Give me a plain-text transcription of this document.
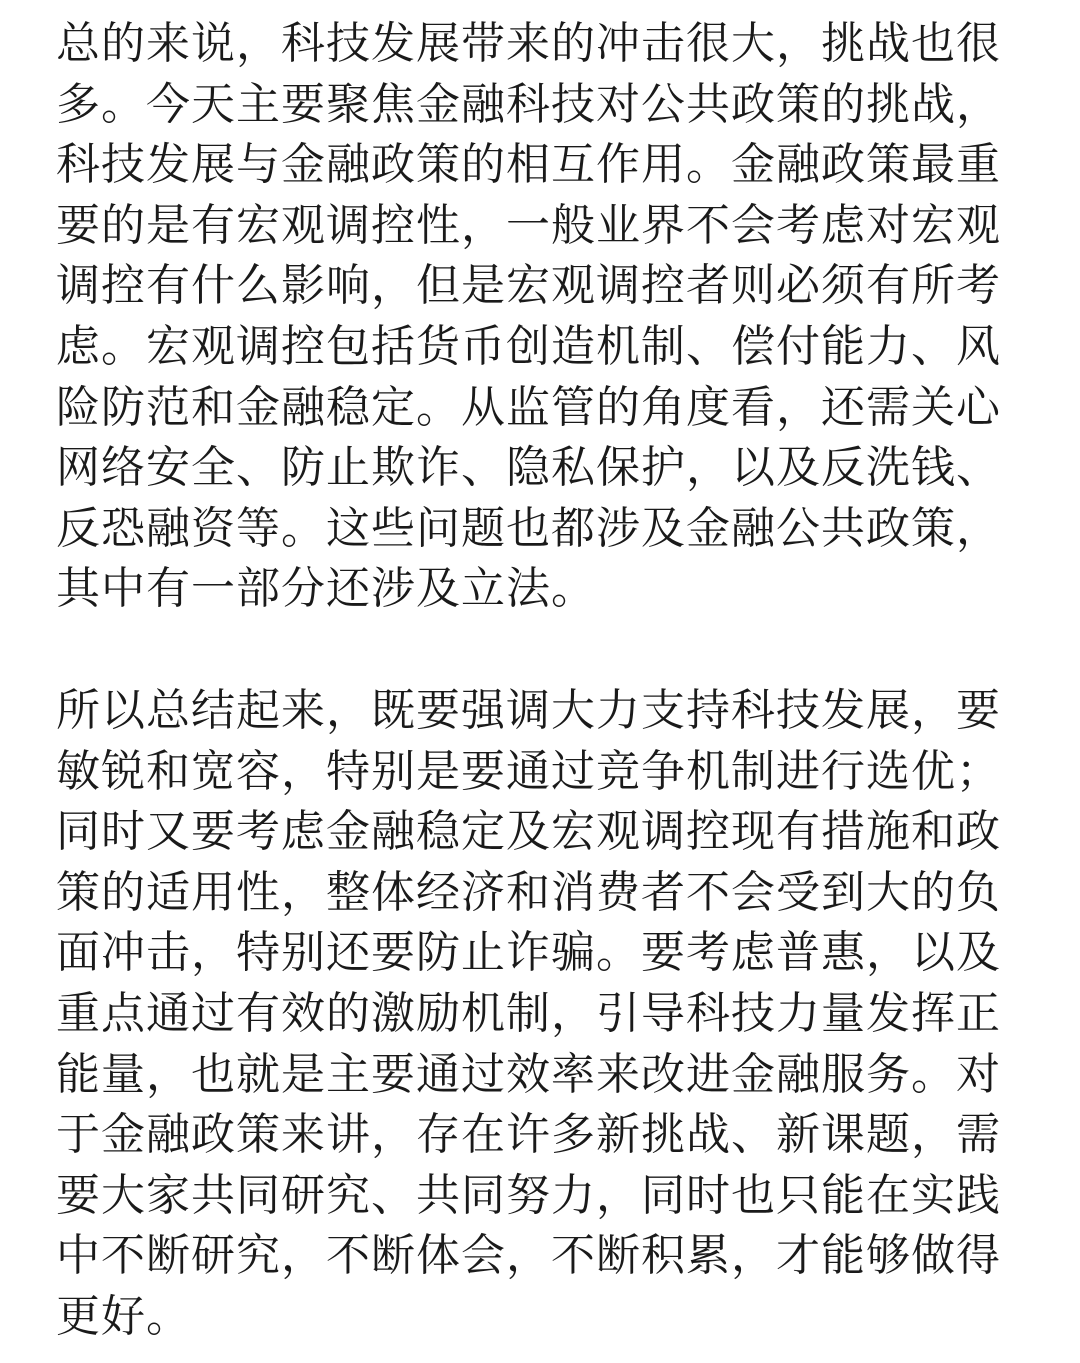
总的来说，科技发展带来的冲击很大，挑战也很
多。今天主要聚焦金融科技对公共政策的挑战，
科技发展与金融政策的相互作用。金融政策最重
要的是有宏观调控性，一般业界不会考虑对宏观
调控有什么影响，但是宏观调控者则必须有所考
虑。宏观调控包括货币创造机制、偿付能力、风
险防范和金融稳定。从监管的角度看，还需关心
网络安全、防止欺诈、隐私保护，以及反洗钱、
反恐融资等。这些问题也都涉及金融公共政策，
其中有一部分还涉及立法。
所以总结起来，既要强调大力支持科技发展，要
敏锐和宽容，特别是要通过竞争机制进行选优；
同时又要考虑金融稳定及宏观调控现有措施和政
策的适用性，整体经济和消费者不会受到大的负
面冲击，特别还要防止诈骗。要考虑普惠，以及
重点通过有效的激励机制，引导科技力量发挥正
能量，也就是主要通过效率来改进金融服务。对
于金融政策来讲，存在许多新挑战、新课题，需
要大家共同研究、共同努力，同时也只能在实践
中不断研究，不断体会，不断积累，才能够做得
更好。
